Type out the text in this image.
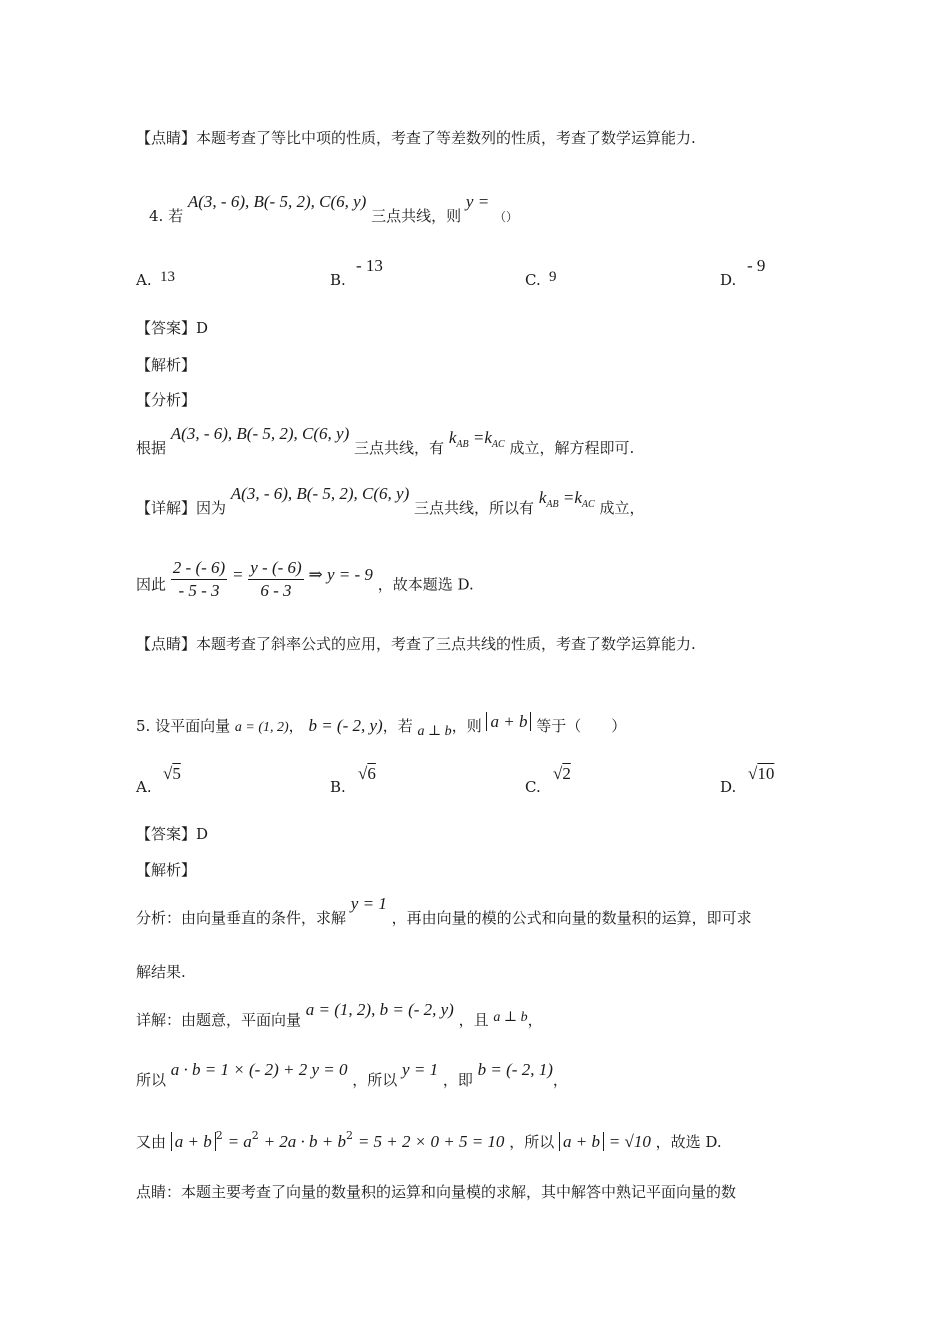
【点睛】本题考查了等比中项的性质，考查了等差数列的性质，考查了数学运算能力.
4. 若 A(3, - 6), B(- 5, 2), C(6, y) 三点共线，则 y = （）
A. 13	B.
- 13
C. 9	D.
- 9
【答案】D
【解析】
【分析】
根据 A(3, - 6), B(- 5, 2), C(6, y) 三点共线，有 $k_{AB} =k_{AC}$ 成立，解方程即可.
【详解】因为 A(3, - 6), B(- 5, 2), C(6, y) 三点共线，所以有 $k_{AB} =k_{AC}$ 成立，
因此 $\frac{2 - (- 6)}{- 5 - 3} = \frac{y - (- 6)}{6 - 3}$ ⇒ y = - 9 ，故本题选 D.
【点睛】本题考查了斜率公式的应用，考查了三点共线的性质，考查了数学运算能力.
5. 设平面向量 a = (1, 2)， b = (- 2, y)，若 a ⊥ b，则 a + b 等于（　　）
A.
√5
B.
√6
C.
√2
D.
√10
【答案】D
【解析】
分析：由向量垂直的条件，求解 y = 1 ，再由向量的模的公式和向量的数量积的运算，即可求
解结果.
详解：由题意，平面向量 a = (1, 2), b = (- 2, y) ，且 a ⊥ b，
所以 a · b = 1 × (- 2) + 2 y = 0 ，所以 y = 1 ，即 b = (- 2, 1)，
又由 a + b $^2 = a^2 + 2a \cdot b + b^2 = 5 + 2 \times 0 + 5 = 10$ ，所以 a + b = √10 ，故选 D.
点睛：本题主要考查了向量的数量积的运算和向量模的求解，其中解答中熟记平面向量的数
